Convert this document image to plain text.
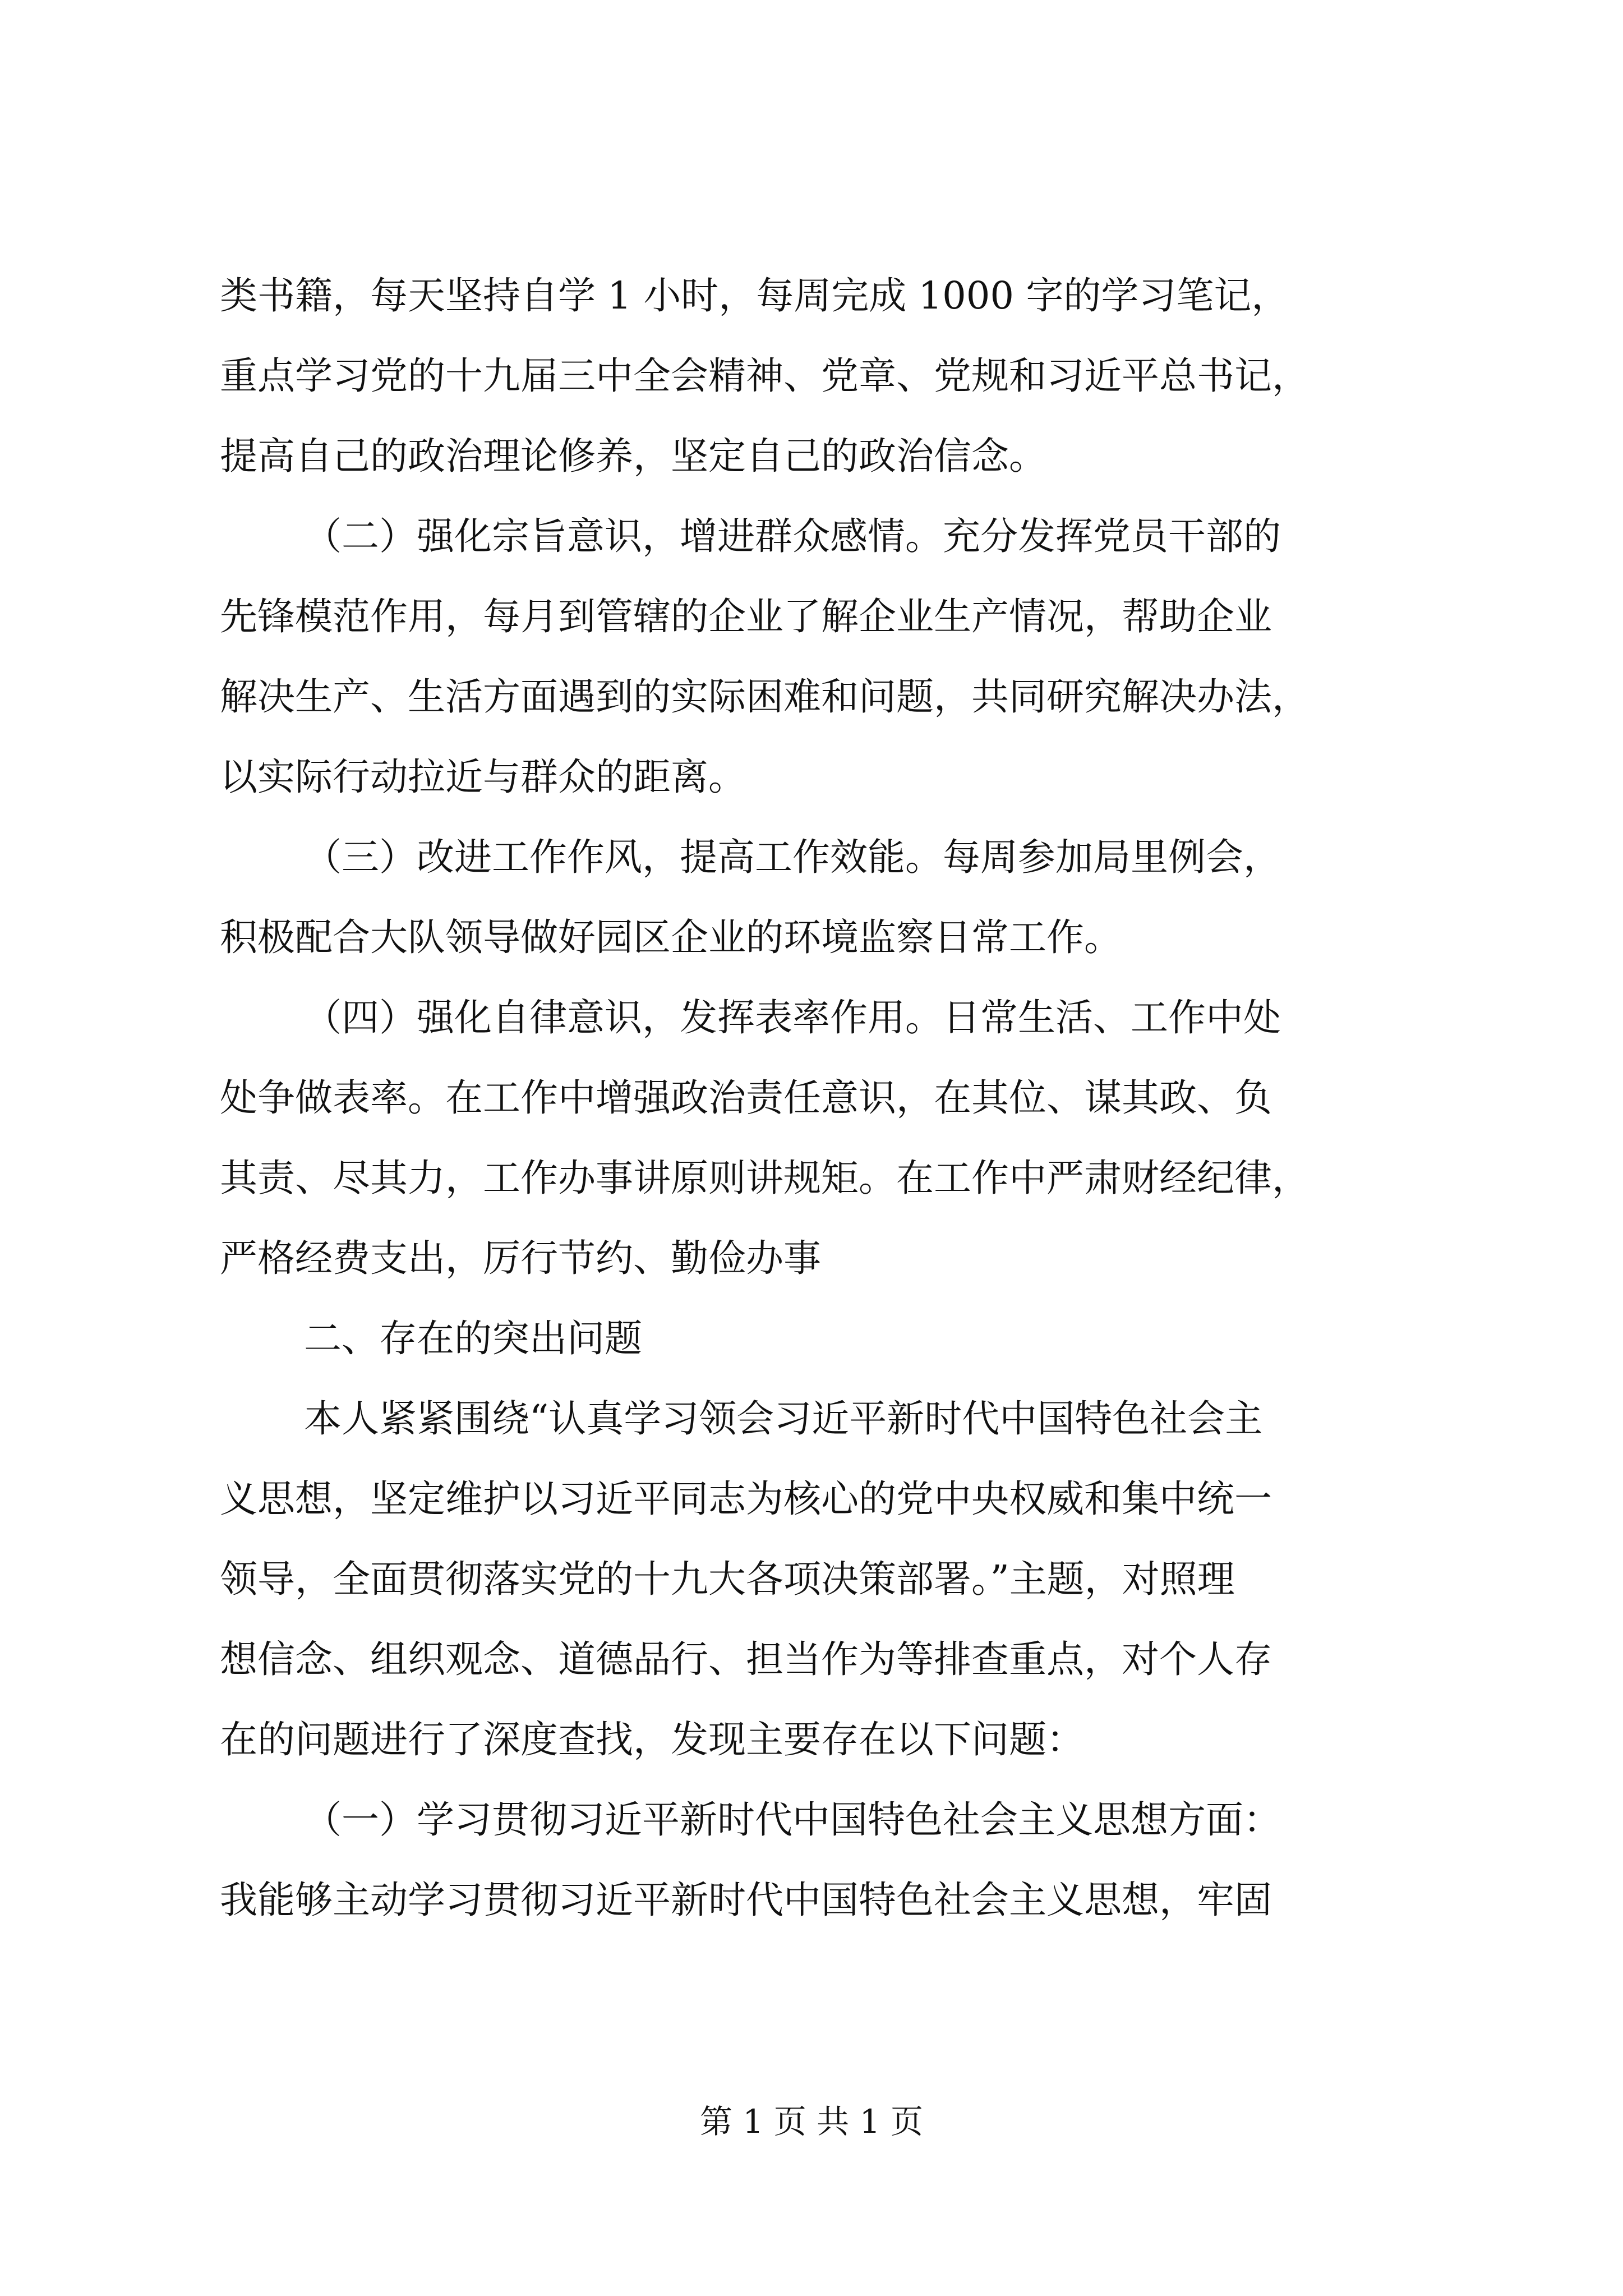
类书籍，每天坚持自学 1 小时，每周完成 1000 字的学习笔记，
重点学习党的十九届三中全会精神、党章、党规和习近平总书记，
提高自己的政治理论修养，坚定自己的政治信念。
（二）强化宗旨意识，增进群众感情。充分发挥党员干部的
先锋模范作用，每月到管辖的企业了解企业生产情况，帮助企业
解决生产、生活方面遇到的实际困难和问题，共同研究解决办法，
以实际行动拉近与群众的距离。
（三）改进工作作风，提高工作效能。每周参加局里例会，
积极配合大队领导做好园区企业的环境监察日常工作。
（四）强化自律意识，发挥表率作用。日常生活、工作中处
处争做表率。在工作中增强政治责任意识，在其位、谋其政、负
其责、尽其力，工作办事讲原则讲规矩。在工作中严肃财经纪律，
严格经费支出，厉行节约、勤俭办事
二、存在的突出问题
本人紧紧围绕“认真学习领会习近平新时代中国特色社会主
义思想，坚定维护以习近平同志为核心的党中央权威和集中统一
领导，全面贯彻落实党的十九大各项决策部署。”主题，对照理
想信念、组织观念、道德品行、担当作为等排查重点，对个人存
在的问题进行了深度查找，发现主要存在以下问题：
（一）学习贯彻习近平新时代中国特色社会主义思想方面：
我能够主动学习贯彻习近平新时代中国特色社会主义思想，牢固
第 1 页 共 1 页
